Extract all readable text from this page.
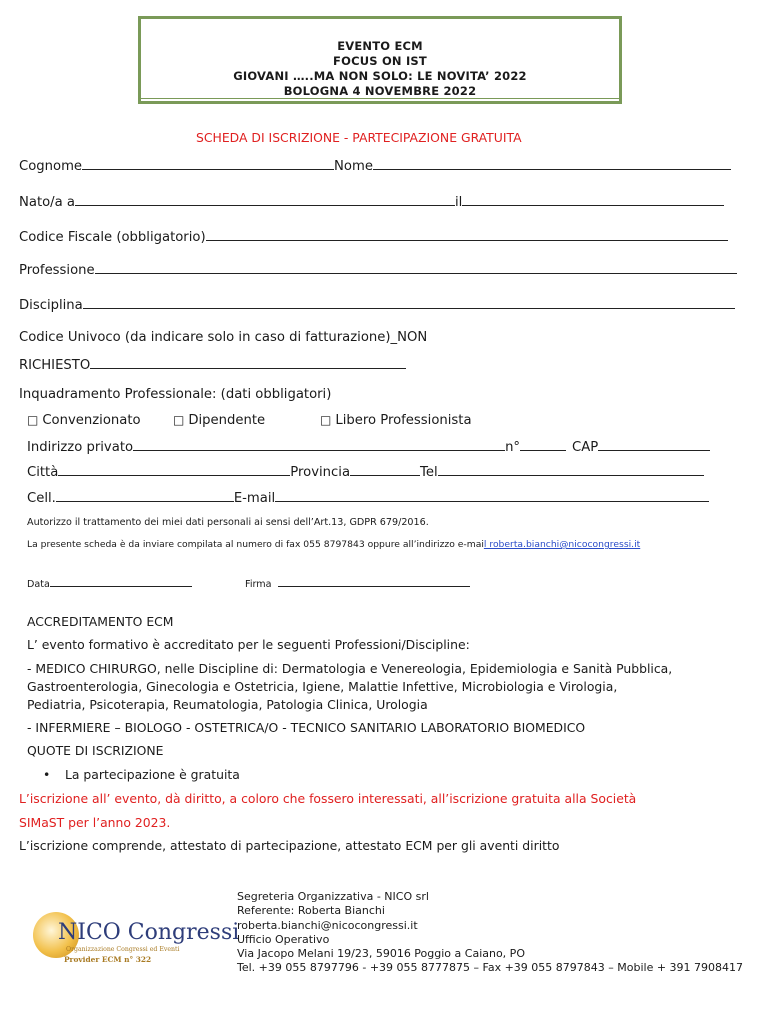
EVENTO ECM
FOCUS ON IST
GIOVANI …..MA NON SOLO: LE NOVITA’ 2022
BOLOGNA 4 NOVEMBRE 2022
SCHEDA DI ISCRIZIONE - PARTECIPAZIONE GRATUITA
Cognome	Nome
Nato/a a	il
Codice Fiscale (obbligatorio)
Professione
Disciplina
Codice Univoco (da indicare solo in caso di fatturazione)_NON
RICHIESTO
Inquadramento Professionale: (dati obbligatori)
□ Convenzionato	□ Dipendente	□ Libero Professionista
Indirizzo privato	n°	CAP
Città	Provincia	Tel
Cell.	E-mail
Autorizzo il trattamento dei miei dati personali ai sensi dell’Art.13, GDPR 679/2016.
La presente scheda è da inviare compilata al numero di fax 055 8797843 oppure all’indirizzo e-mail roberta.bianchi@nicocongressi.it
Data	Firma
ACCREDITAMENTO ECM
L’ evento formativo è accreditato per le seguenti Professioni/Discipline:
- MEDICO CHIRURGO, nelle Discipline di: Dermatologia e Venereologia, Epidemiologia e Sanità Pubblica,
Gastroenterologia, Ginecologia e Ostetricia, Igiene, Malattie Infettive, Microbiologia e Virologia,
Pediatria, Psicoterapia, Reumatologia, Patologia Clinica, Urologia
- INFERMIERE – BIOLOGO - OSTETRICA/O - TECNICO SANITARIO LABORATORIO BIOMEDICO
QUOTE DI ISCRIZIONE
• La partecipazione è gratuita
L’iscrizione all’ evento, dà diritto, a coloro che fossero interessati, all’iscrizione gratuita alla Società
SIMaST per l’anno 2023.
L’iscrizione comprende, attestato di partecipazione, attestato ECM per gli aventi diritto
NICO Congressi
Organizzazione Congressi ed Eventi
Provider ECM n° 322
Segreteria Organizzativa - NICO srl
Referente: Roberta Bianchi
roberta.bianchi@nicocongressi.it
Ufficio Operativo
Via Jacopo Melani 19/23, 59016 Poggio a Caiano, PO
Tel. +39 055 8797796 - +39 055 8777875 – Fax +39 055 8797843 – Mobile + 391 7908417
